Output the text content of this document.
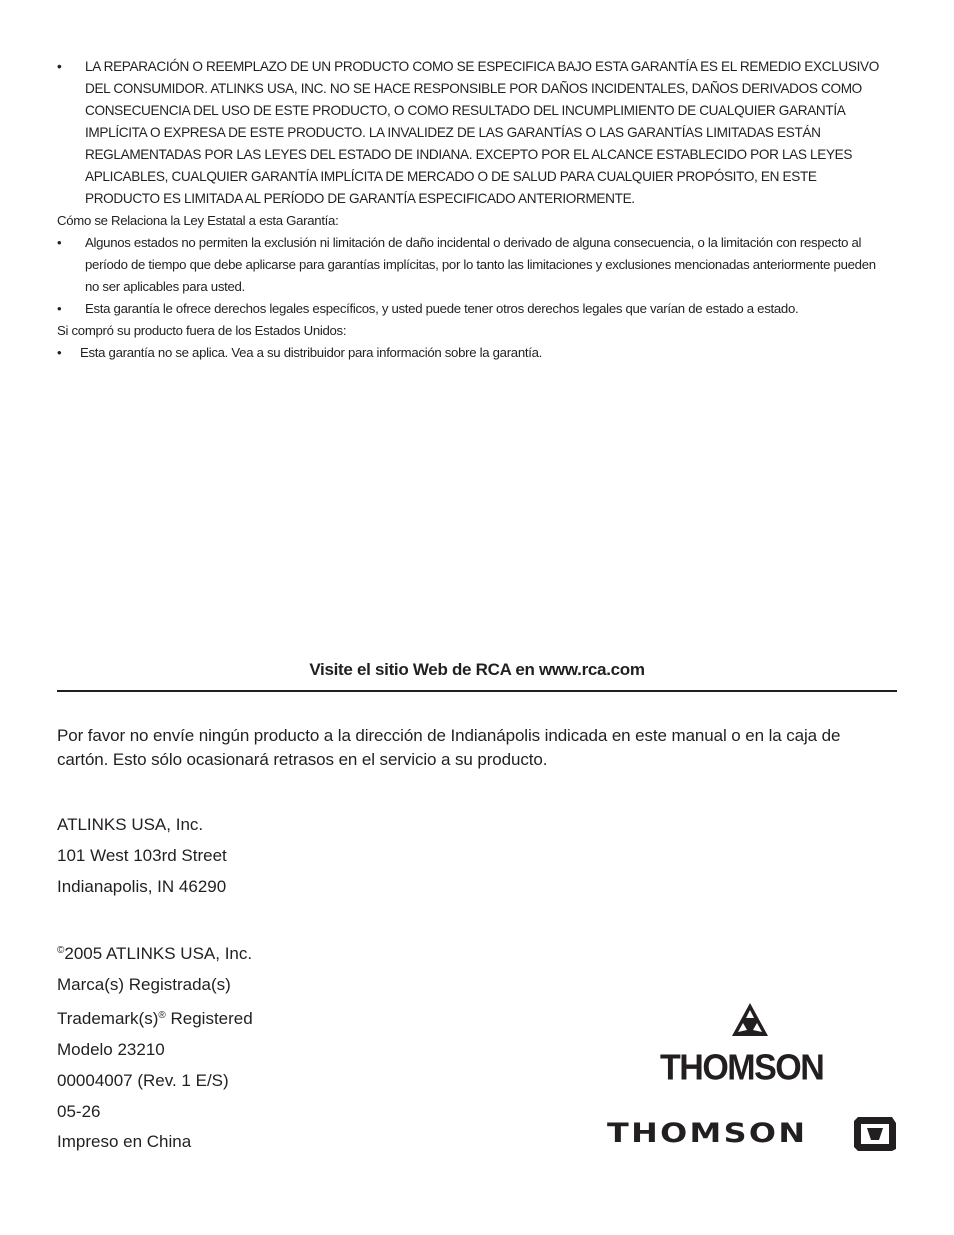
• LA REPARACIÓN O REEMPLAZO DE UN PRODUCTO COMO SE ESPECIFICA BAJO ESTA GARANTÍA ES EL REMEDIO EXCLUSIVO DEL CONSUMIDOR. ATLINKS USA, INC. NO SE HACE RESPONSIBLE POR DAÑOS INCIDENTALES, DAÑOS DERIVADOS COMO CONSECUENCIA DEL USO DE ESTE PRODUCTO, O COMO RESULTADO DEL INCUMPLIMIENTO DE CUALQUIER GARANTÍA IMPLÍCITA O EXPRESA DE ESTE PRODUCTO. LA INVALIDEZ DE LAS GARANTÍAS O LAS GARANTÍAS LIMITADAS ESTÁN REGLAMENTADAS POR LAS LEYES DEL ESTADO DE INDIANA. EXCEPTO POR EL ALCANCE ESTABLECIDO POR LAS LEYES APLICABLES, CUALQUIER GARANTÍA IMPLÍCITA DE MERCADO O DE SALUD PARA CUALQUIER PROPÓSITO, EN ESTE PRODUCTO ES LIMITADA AL PERÍODO DE GARANTÍA ESPECIFICADO ANTERIORMENTE.
Cómo se Relaciona la Ley Estatal a esta Garantía:
• Algunos estados no permiten la exclusión ni limitación de daño incidental o derivado de alguna consecuencia, o la limitación con respecto al período de tiempo que debe aplicarse para garantías implícitas, por lo tanto las limitaciones y exclusiones mencionadas anteriormente pueden no ser aplicables para usted.
• Esta garantía le ofrece derechos legales específicos, y usted puede tener otros derechos legales que varían de estado a estado.
Si compró su producto fuera de los Estados Unidos:
• Esta garantía no se aplica. Vea a su distribuidor para información sobre la garantía.
Visite el sitio Web de RCA en www.rca.com
Por favor no envíe ningún producto a la dirección de Indianápolis indicada en este manual o en la caja de cartón. Esto sólo ocasionará retrasos en el servicio a su producto.
ATLINKS USA, Inc.
101 West 103rd Street
Indianapolis, IN 46290
©2005 ATLINKS USA, Inc.
Marca(s) Registrada(s)
Trademark(s)® Registered
Modelo 23210
00004007 (Rev. 1 E/S)
05-26
Impreso en China
THOMSON
THOMSON
